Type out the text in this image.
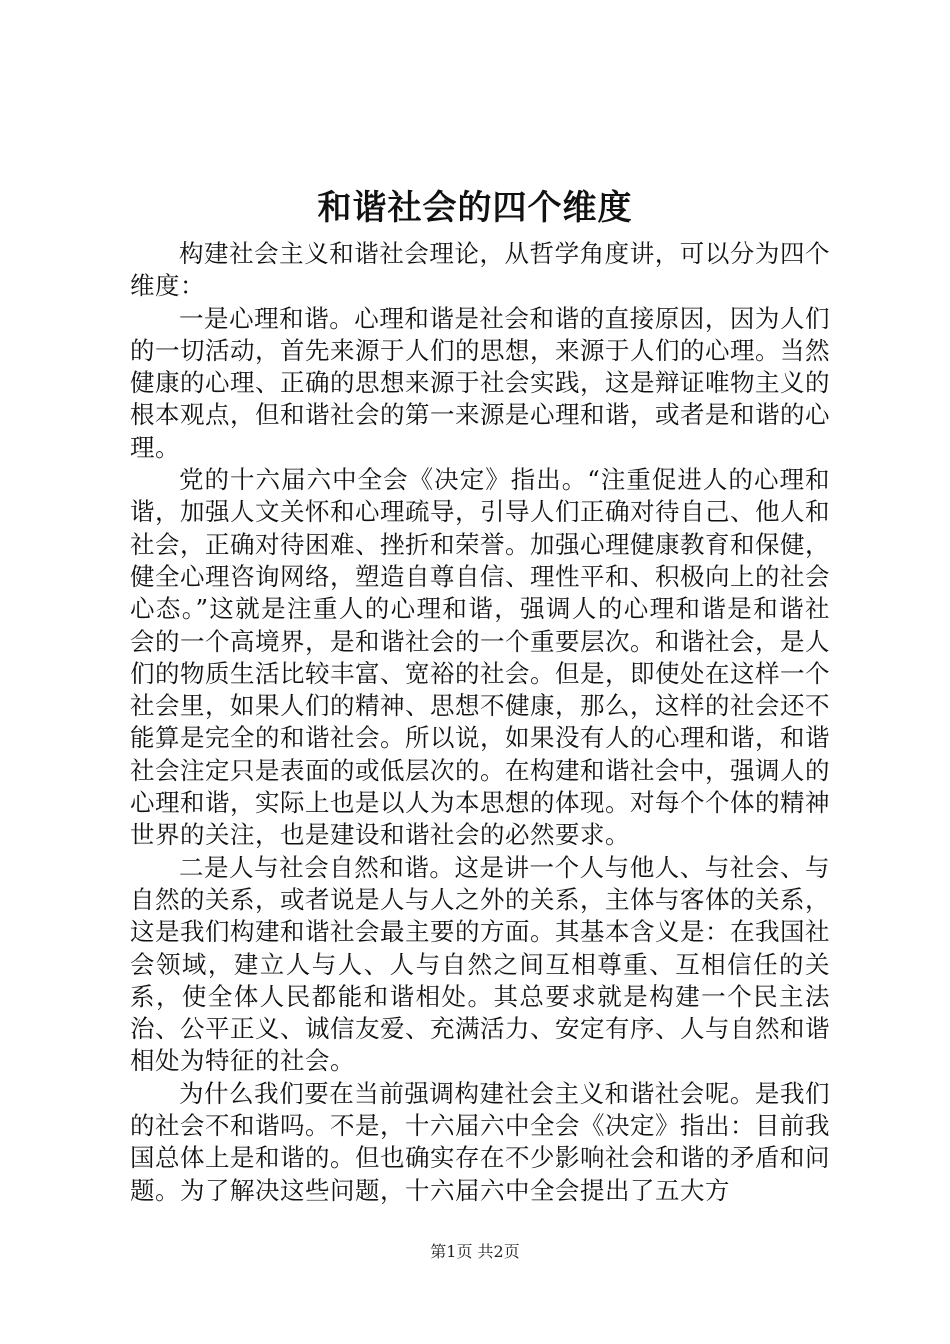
和谐社会的四个维度

构建社会主义和谐社会理论，从哲学角度讲，可以分为四个维度：

一是心理和谐。心理和谐是社会和谐的直接原因，因为人们的一切活动，首先来源于人们的思想，来源于人们的心理。当然健康的心理、正确的思想来源于社会实践，这是辩证唯物主义的根本观点，但和谐社会的第一来源是心理和谐，或者是和谐的心理。

党的十六届六中全会《决定》指出。“注重促进人的心理和谐，加强人文关怀和心理疏导，引导人们正确对待自己、他人和社会，正确对待困难、挫折和荣誉。加强心理健康教育和保健，健全心理咨询网络，塑造自尊自信、理性平和、积极向上的社会心态。”这就是注重人的心理和谐，强调人的心理和谐是和谐社会的一个高境界，是和谐社会的一个重要层次。和谐社会，是人们的物质生活比较丰富、宽裕的社会。但是，即使处在这样一个社会里，如果人们的精神、思想不健康，那么，这样的社会还不能算是完全的和谐社会。所以说，如果没有人的心理和谐，和谐社会注定只是表面的或低层次的。在构建和谐社会中，强调人的心理和谐，实际上也是以人为本思想的体现。对每个个体的精神世界的关注，也是建设和谐社会的必然要求。

二是人与社会自然和谐。这是讲一个人与他人、与社会、与自然的关系，或者说是人与人之外的关系，主体与客体的关系，这是我们构建和谐社会最主要的方面。其基本含义是：在我国社会领域，建立人与人、人与自然之间互相尊重、互相信任的关系，使全体人民都能和谐相处。其总要求就是构建一个民主法治、公平正义、诚信友爱、充满活力、安定有序、人与自然和谐相处为特征的社会。

为什么我们要在当前强调构建社会主义和谐社会呢。是我们的社会不和谐吗。不是，十六届六中全会《决定》指出：目前我国总体上是和谐的。但也确实存在不少影响社会和谐的矛盾和问题。为了解决这些问题，十六届六中全会提出了五大方

第1页 共2页
